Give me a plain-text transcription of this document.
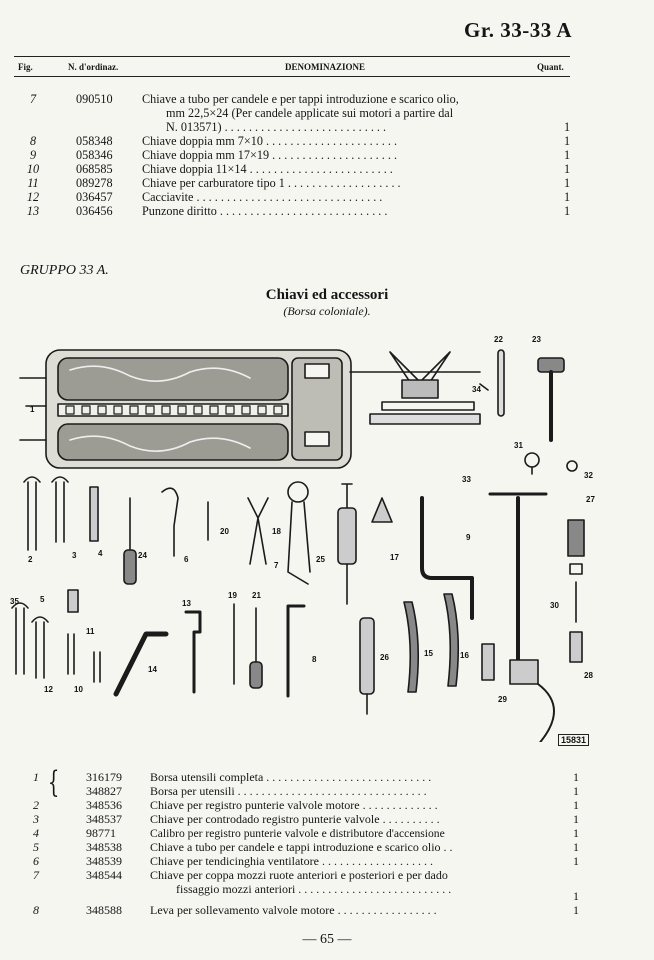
Gr. 33-33 A
Fig.	N. d'ordinaz.	DENOMINAZIONE	Quant.
7	090510 Chiave a tubo per candele e per tappi introduzione e scarico olio,
mm 22,5×24 (Per candele applicate sui motori a partire dal
N. 013571) . . . . . . . . . . . . . . . . . . . . . . . . . . .	1
8	058348 Chiave doppia mm 7×10 . . . . . . . . . . . . . . . . . . . . . .	1
9	058346 Chiave doppia mm 17×19 . . . . . . . . . . . . . . . . . . . . .	1
10	068585 Chiave doppia 11×14 . . . . . . . . . . . . . . . . . . . . . . . .	1
11	089278 Chiave per carburatore tipo 1 . . . . . . . . . . . . . . . . . . .	1
12	036457 Cacciavite . . . . . . . . . . . . . . . . . . . . . . . . . . . . . . .	1
13	036456 Punzone diritto . . . . . . . . . . . . . . . . . . . . . . . . . . . .	1
GRUPPO 33 A.
Chiavi ed accessori
(Borsa coloniale).
1
2	3	4
5
6
7
8
9
10
11
12
13
14
15	16
17
18
19
20
21
22	23
24	25
26
27
28
29
30
31
32
33
34
35
15831
{
1	316179 Borsa utensili completa . . . . . . . . . . . . . . . . . . . . . . . . . . . .	1
348827 Borsa per utensili . . . . . . . . . . . . . . . . . . . . . . . . . . . . . . . .	1
2	348536 Chiave per registro punterie valvole motore . . . . . . . . . . . . .	1
3	348537 Chiave per controdado registro punterie valvole . . . . . . . . . .	1
4	98771	Calibro per registro punterie valvole e distributore d'accensione	1
5	348538 Chiave a tubo per candele e tappi introduzione e scarico olio . .	1
6	348539 Chiave per tendicinghia ventilatore . . . . . . . . . . . . . . . . . . .	1
7	348544 Chiave per coppa mozzi ruote anteriori e posteriori e per dado
fissaggio mozzi anteriori . . . . . . . . . . . . . . . . . . . . . . . . . .	1
8	348588 Leva per sollevamento valvole motore . . . . . . . . . . . . . . . . .	1
— 65 —
